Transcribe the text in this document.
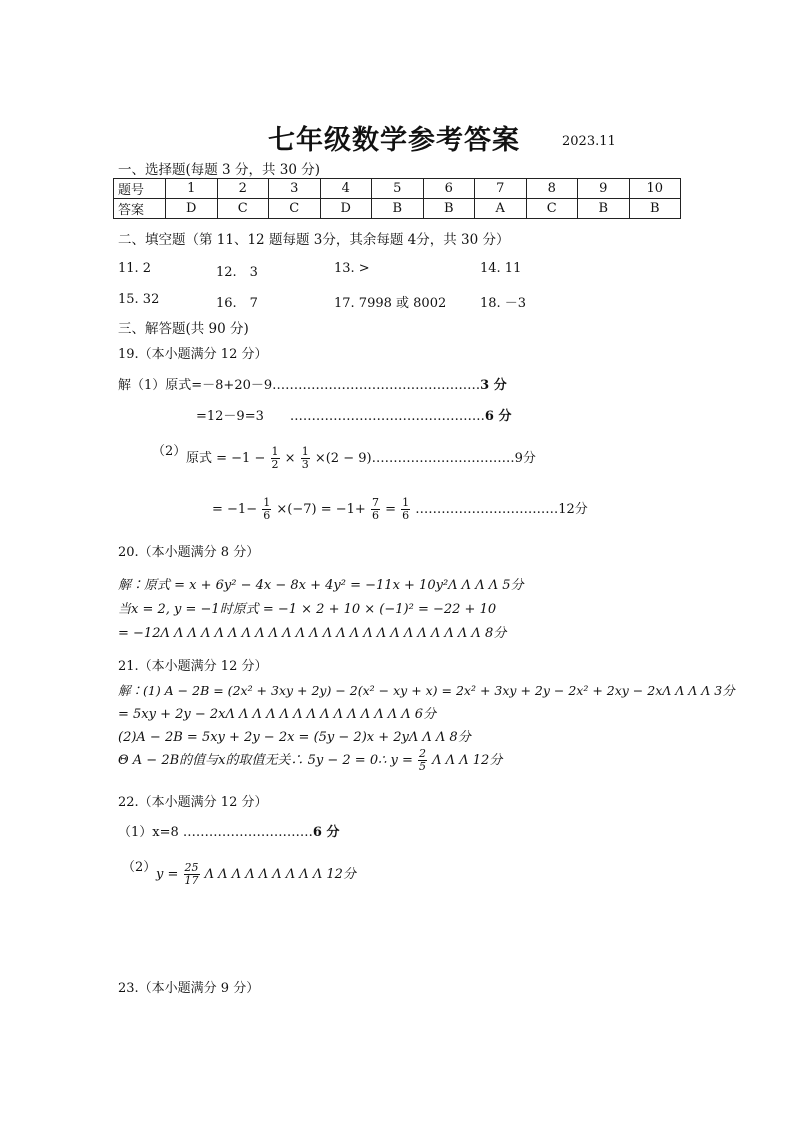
七年级数学参考答案	2023.11
一、选择题(每题 3 分，共 30 分)
题号	1	2	3	4	5	6	7	8	9	10
答案	D	C	C	D	B	B	A	C	B	B
二、填空题（第 11、12 题每题 3分，其余每题 4分，共 30 分）
11. 2	12.　3	13. >	14. 11
15. 32	16.　7	17. 7998 或 8002	18. －3
三、解答题(共 90 分)
19.（本小题满分 12 分）
解（1）原式=－8+20－9…………………………………………3 分
=12－9=3　　………………………………………6 分
（2） 原式 = $-1 - \frac{1}{2} \times \frac{1}{3} \times(2$ − 9)……………………………9分
= $-1- \frac{1}{6} \times(-7) = -1+ \frac{7}{6} = \frac{1}{6}$ ……………………………12分
20.（本小题满分 8 分）
解∶原式 = x + 6y² − 4x − 8x + 4y² = −11x + 10y²Λ Λ Λ Λ 5分
当x = 2, y = −1时原式 = −1 × 2 + 10 × (−1)² = −22 + 10
= −12Λ Λ Λ Λ Λ Λ Λ Λ Λ Λ Λ Λ Λ Λ Λ Λ Λ Λ Λ Λ Λ Λ Λ Λ 8分
21.（本小题满分 12 分）
解∶(1) A − 2B = (2x² + 3xy + 2y) − 2(x² − xy + x) = 2x² + 3xy + 2y − 2x² + 2xy − 2xΛ Λ Λ Λ 3分
= 5xy + 2y − 2xΛ Λ Λ Λ Λ Λ Λ Λ Λ Λ Λ Λ Λ Λ 6分
(2)A − 2B = 5xy + 2y − 2x = (5y − 2)x + 2yΛ Λ Λ 8分
Θ A − 2B的值与x的取值无关∴ 5y − 2 = 0∴ $y = \frac{2}{5}$ Λ Λ Λ 12分
22.（本小题满分 12 分）
（1）x=8 …………………………6 分
（2） $y = \frac{25}{17}$ Λ Λ Λ Λ Λ Λ Λ Λ Λ 12分
23.（本小题满分 9 分）
